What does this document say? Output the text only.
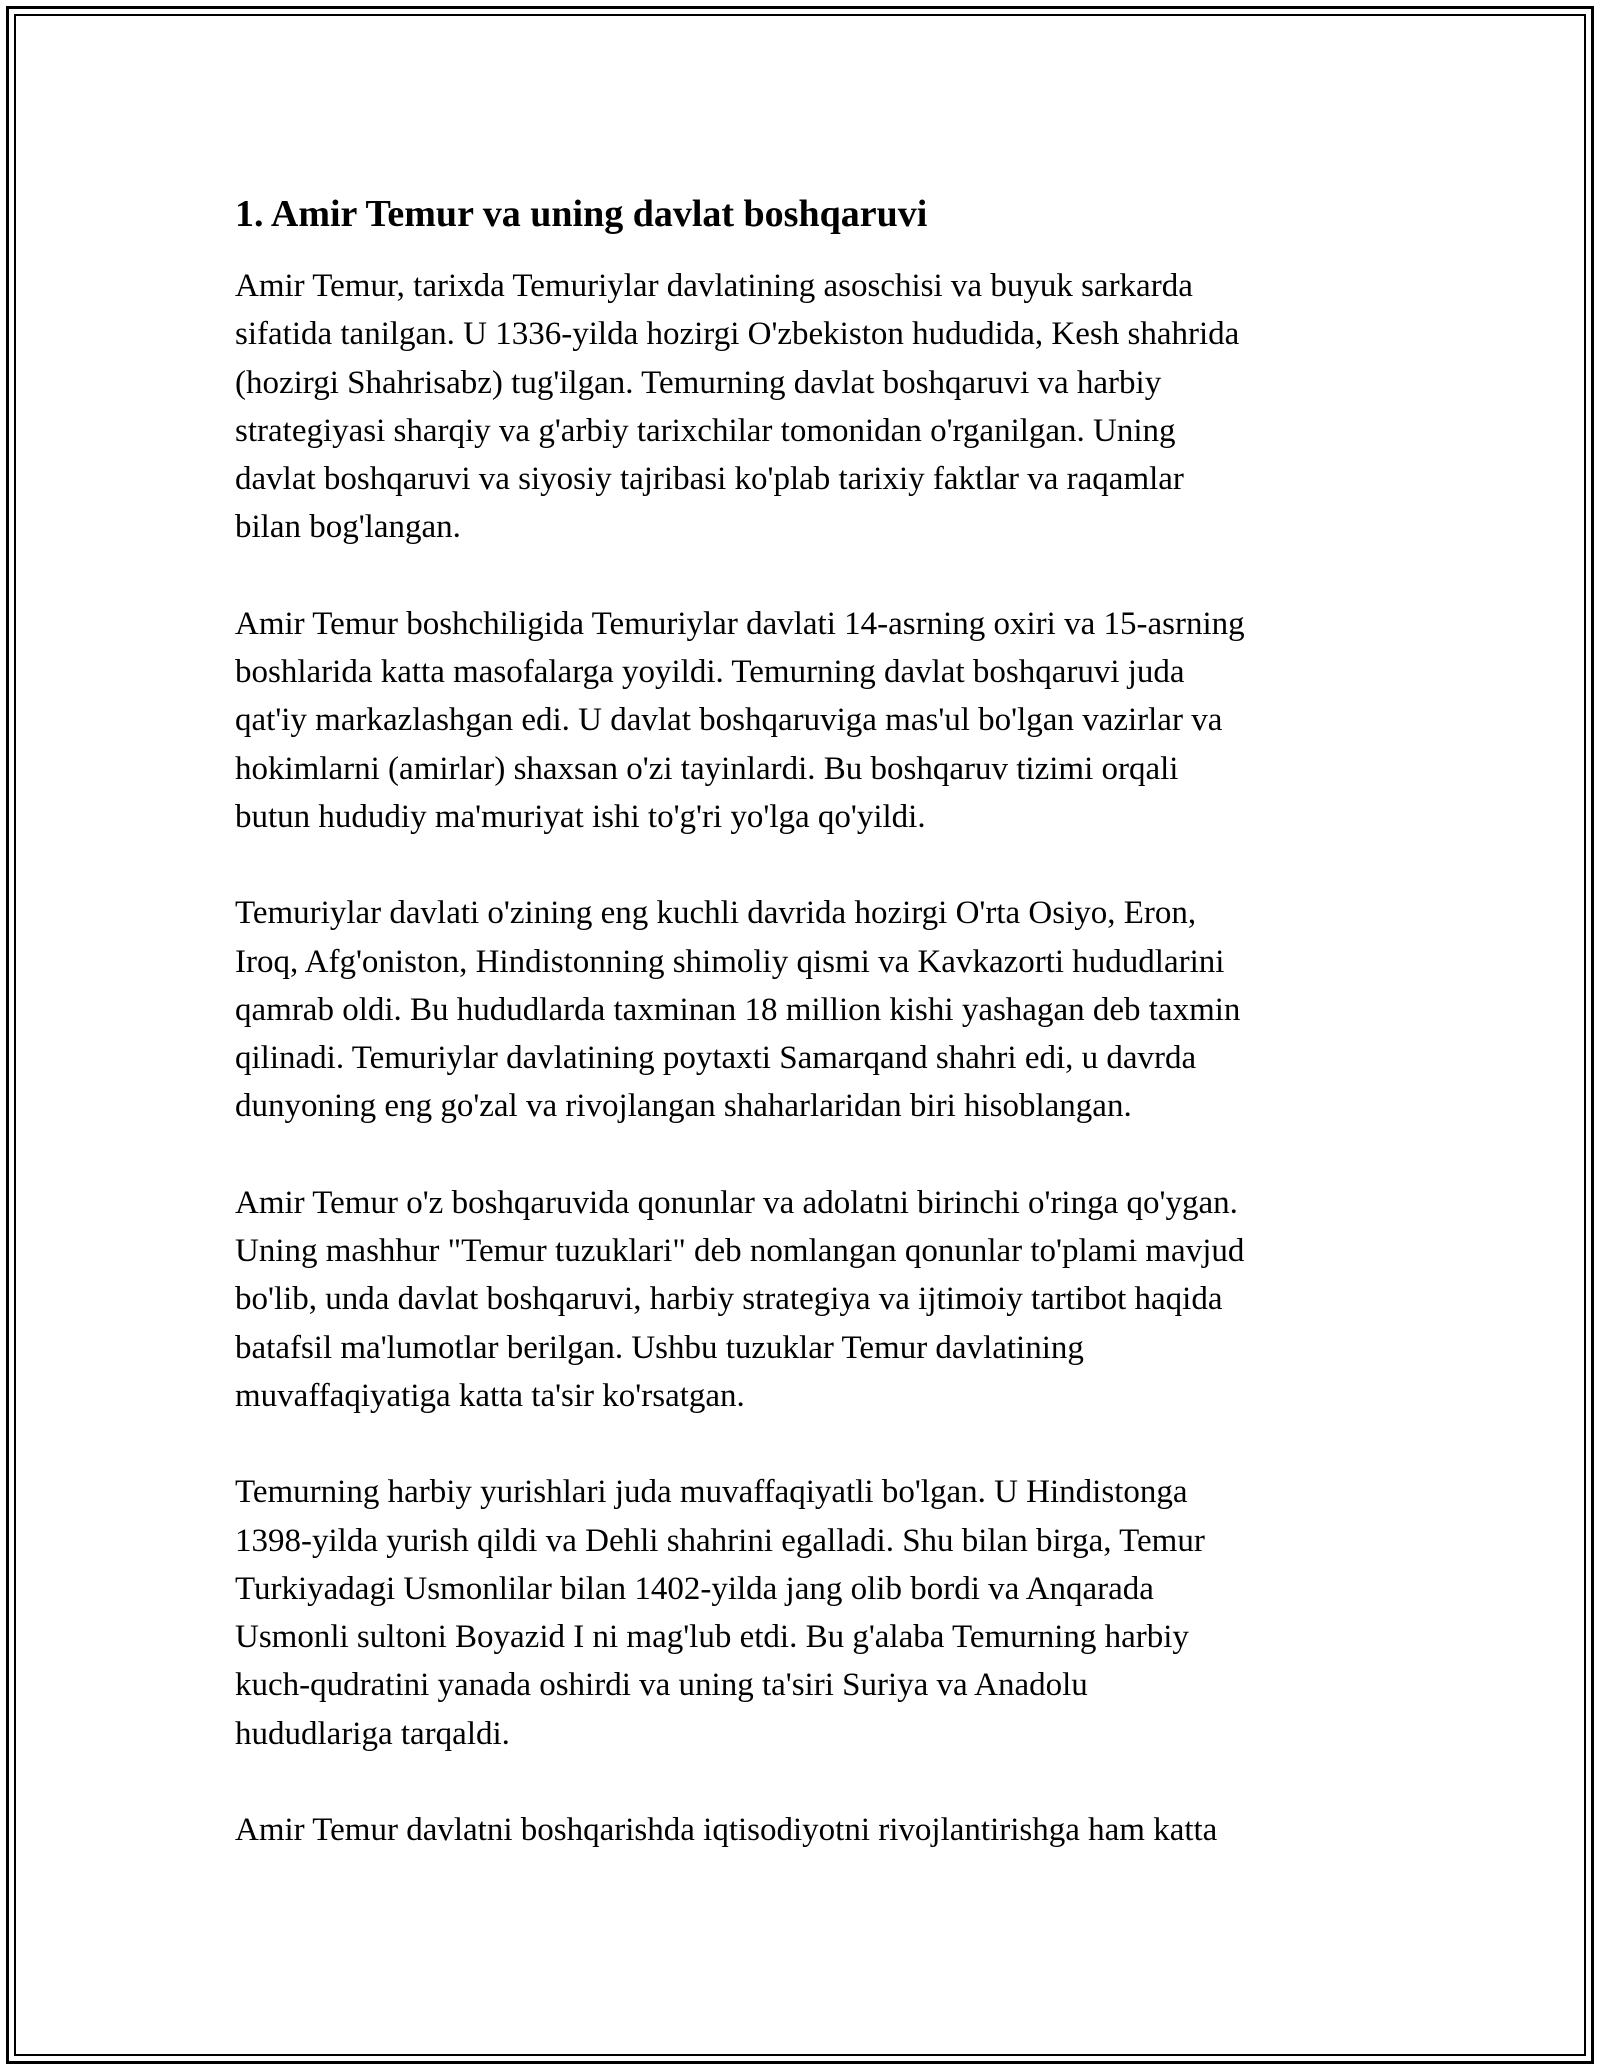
1. Amir Temur va uning davlat boshqaruvi

Amir Temur, tarixda Temuriylar davlatining asoschisi va buyuk sarkarda
sifatida tanilgan. U 1336-yilda hozirgi O'zbekiston hududida, Kesh shahrida
(hozirgi Shahrisabz) tug'ilgan. Temurning davlat boshqaruvi va harbiy
strategiyasi sharqiy va g'arbiy tarixchilar tomonidan o'rganilgan. Uning
davlat boshqaruvi va siyosiy tajribasi ko'plab tarixiy faktlar va raqamlar
bilan bog'langan.

Amir Temur boshchiligida Temuriylar davlati 14-asrning oxiri va 15-asrning
boshlarida katta masofalarga yoyildi. Temurning davlat boshqaruvi juda
qat'iy markazlashgan edi. U davlat boshqaruviga mas'ul bo'lgan vazirlar va
hokimlarni (amirlar) shaxsan o'zi tayinlardi. Bu boshqaruv tizimi orqali
butun hududiy ma'muriyat ishi to'g'ri yo'lga qo'yildi.

Temuriylar davlati o'zining eng kuchli davrida hozirgi O'rta Osiyo, Eron,
Iroq, Afg'oniston, Hindistonning shimoliy qismi va Kavkazorti hududlarini
qamrab oldi. Bu hududlarda taxminan 18 million kishi yashagan deb taxmin
qilinadi. Temuriylar davlatining poytaxti Samarqand shahri edi, u davrda
dunyoning eng go'zal va rivojlangan shaharlaridan biri hisoblangan.

Amir Temur o'z boshqaruvida qonunlar va adolatni birinchi o'ringa qo'ygan.
Uning mashhur "Temur tuzuklari" deb nomlangan qonunlar to'plami mavjud
bo'lib, unda davlat boshqaruvi, harbiy strategiya va ijtimoiy tartibot haqida
batafsil ma'lumotlar berilgan. Ushbu tuzuklar Temur davlatining
muvaffaqiyatiga katta ta'sir ko'rsatgan.

Temurning harbiy yurishlari juda muvaffaqiyatli bo'lgan. U Hindistonga
1398-yilda yurish qildi va Dehli shahrini egalladi. Shu bilan birga, Temur
Turkiyadagi Usmonlilar bilan 1402-yilda jang olib bordi va Anqarada
Usmonli sultoni Boyazid I ni mag'lub etdi. Bu g'alaba Temurning harbiy
kuch-qudratini yanada oshirdi va uning ta'siri Suriya va Anadolu
hududlariga tarqaldi.

Amir Temur davlatni boshqarishda iqtisodiyotni rivojlantirishga ham katta
